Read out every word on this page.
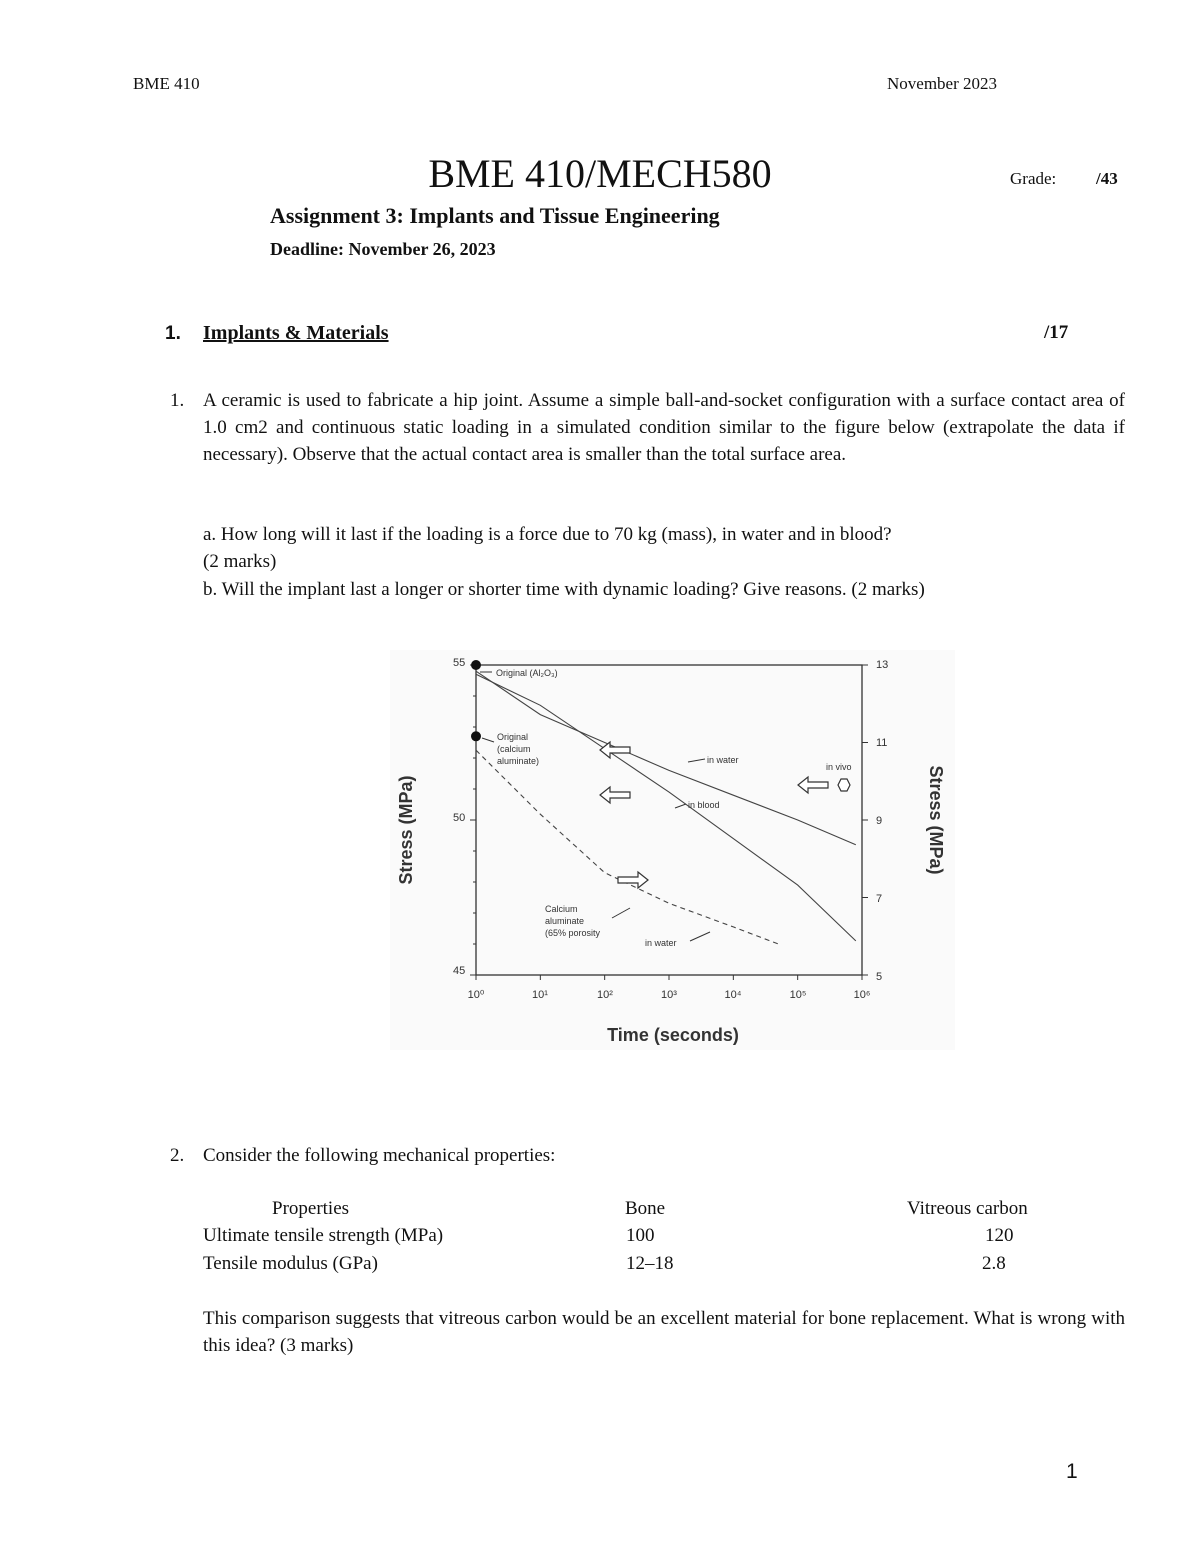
BME 410	November 2023
BME 410/MECH580	Grade: /43
Assignment 3: Implants and Tissue Engineering
Deadline: November 26, 2023
1. Implants & Materials	/17
1. A ceramic is used to fabricate a hip joint. Assume a simple ball-and-socket configuration with a surface contact area of 1.0 cm2 and continuous static loading in a simulated condition similar to the figure below (extrapolate the data if necessary). Observe that the actual contact area is smaller than the total surface area.
a. How long will it last if the loading is a force due to 70 kg (mass), in water and in blood?
(2 marks)
b. Will the implant last a longer or shorter time with dynamic loading? Give reasons. (2 marks)
55
50
45
13
11
9
7
5
10⁰	10¹	10²	10³	10⁴	10⁵	10⁶
Time (seconds)
Stress (MPa)	Stress (MPa)
Original (Al₂O₃)
Original
(calcium
aluminate)	in water
in vivo
in blood
Calcium
aluminate
(65% porosity
in water
2. Consider the following mechanical properties:
Properties	Bone	Vitreous carbon
Ultimate tensile strength (MPa)	100	120
Tensile modulus (GPa)	12–18	2.8
This comparison suggests that vitreous carbon would be an excellent material for bone replacement. What is wrong with this idea? (3 marks)
1
